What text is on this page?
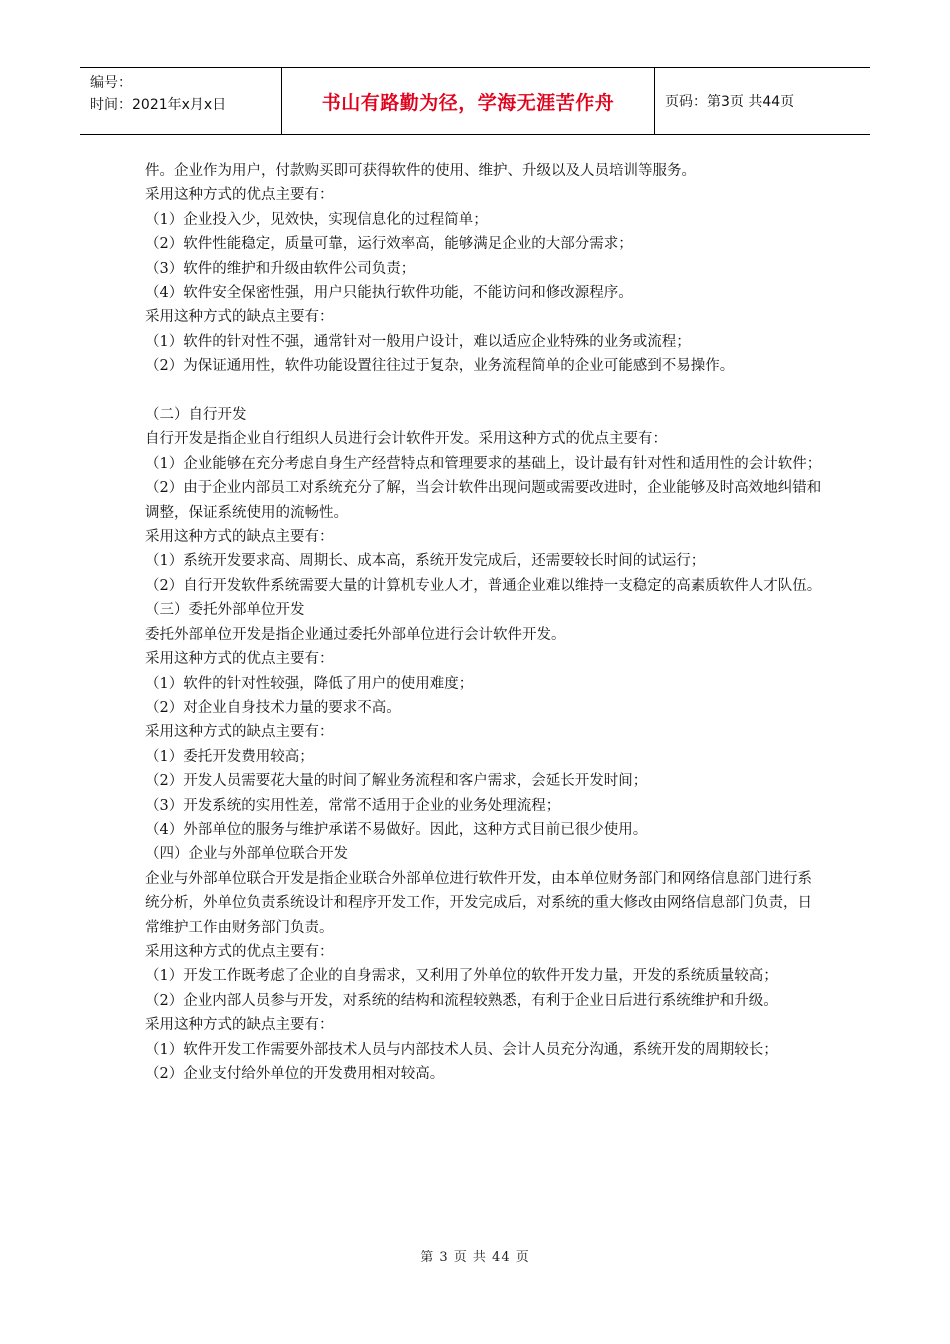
编号：
时间：2021年x月x日	书山有路勤为径，学海无涯苦作舟	页码：第3页 共44页

件。企业作为用户，付款购买即可获得软件的使用、维护、升级以及人员培训等服务。

采用这种方式的优点主要有：

（1）企业投入少，见效快，实现信息化的过程简单；

（2）软件性能稳定，质量可靠，运行效率高，能够满足企业的大部分需求；

（3）软件的维护和升级由软件公司负责；

（4）软件安全保密性强，用户只能执行软件功能，不能访问和修改源程序。

采用这种方式的缺点主要有：

（1）软件的针对性不强，通常针对一般用户设计，难以适应企业特殊的业务或流程；

（2）为保证通用性，软件功能设置往往过于复杂，业务流程简单的企业可能感到不易操作。

（二）自行开发

自行开发是指企业自行组织人员进行会计软件开发。采用这种方式的优点主要有：

（1）企业能够在充分考虑自身生产经营特点和管理要求的基础上，设计最有针对性和适用性的会计软件；

（2）由于企业内部员工对系统充分了解，当会计软件出现问题或需要改进时，企业能够及时高效地纠错和调整，保证系统使用的流畅性。

采用这种方式的缺点主要有：

（1）系统开发要求高、周期长、成本高，系统开发完成后，还需要较长时间的试运行；

（2）自行开发软件系统需要大量的计算机专业人才，普通企业难以维持一支稳定的高素质软件人才队伍。

（三）委托外部单位开发

委托外部单位开发是指企业通过委托外部单位进行会计软件开发。

采用这种方式的优点主要有：

（1）软件的针对性较强，降低了用户的使用难度；

（2）对企业自身技术力量的要求不高。

采用这种方式的缺点主要有：

（1）委托开发费用较高；

（2）开发人员需要花大量的时间了解业务流程和客户需求，会延长开发时间；

（3）开发系统的实用性差，常常不适用于企业的业务处理流程；

（4）外部单位的服务与维护承诺不易做好。因此，这种方式目前已很少使用。

（四）企业与外部单位联合开发

企业与外部单位联合开发是指企业联合外部单位进行软件开发，由本单位财务部门和网络信息部门进行系统分析，外单位负责系统设计和程序开发工作，开发完成后，对系统的重大修改由网络信息部门负责，日常维护工作由财务部门负责。

采用这种方式的优点主要有：

（1）开发工作既考虑了企业的自身需求，又利用了外单位的软件开发力量，开发的系统质量较高；

（2）企业内部人员参与开发，对系统的结构和流程较熟悉，有利于企业日后进行系统维护和升级。

采用这种方式的缺点主要有：

（1）软件开发工作需要外部技术人员与内部技术人员、会计人员充分沟通，系统开发的周期较长；

（2）企业支付给外单位的开发费用相对较高。

第 3 页 共 44 页
